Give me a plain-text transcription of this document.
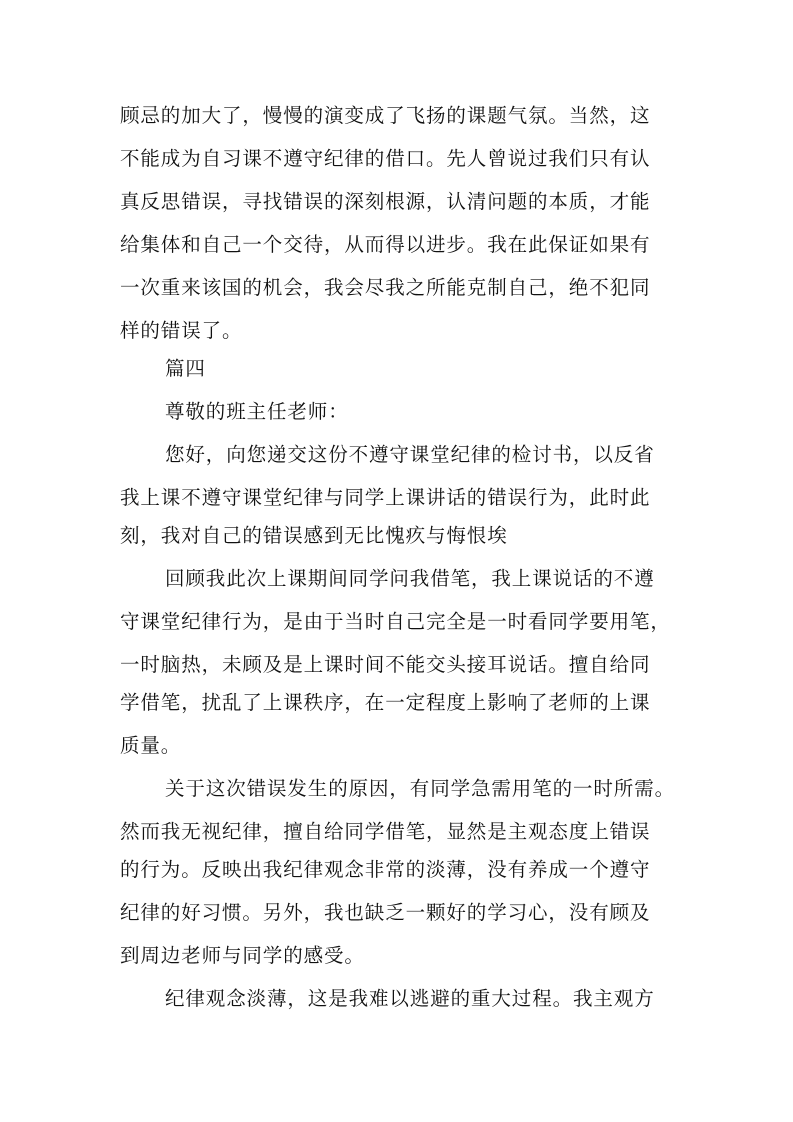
顾忌的加大了，慢慢的演变成了飞扬的课题气氛。当然，这
不能成为自习课不遵守纪律的借口。先人曾说过我们只有认
真反思错误，寻找错误的深刻根源，认清问题的本质，才能
给集体和自己一个交待，从而得以进步。我在此保证如果有
一次重来该国的机会，我会尽我之所能克制自己，绝不犯同
样的错误了。
篇四
尊敬的班主任老师：
您好，向您递交这份不遵守课堂纪律的检讨书，以反省
我上课不遵守课堂纪律与同学上课讲话的错误行为，此时此
刻，我对自己的错误感到无比愧疚与悔恨埃
回顾我此次上课期间同学问我借笔，我上课说话的不遵
守课堂纪律行为，是由于当时自己完全是一时看同学要用笔，
一时脑热，未顾及是上课时间不能交头接耳说话。擅自给同
学借笔，扰乱了上课秩序，在一定程度上影响了老师的上课
质量。
关于这次错误发生的原因，有同学急需用笔的一时所需。
然而我无视纪律，擅自给同学借笔，显然是主观态度上错误
的行为。反映出我纪律观念非常的淡薄，没有养成一个遵守
纪律的好习惯。另外，我也缺乏一颗好的学习心，没有顾及
到周边老师与同学的感受。
纪律观念淡薄，这是我难以逃避的重大过程。我主观方
